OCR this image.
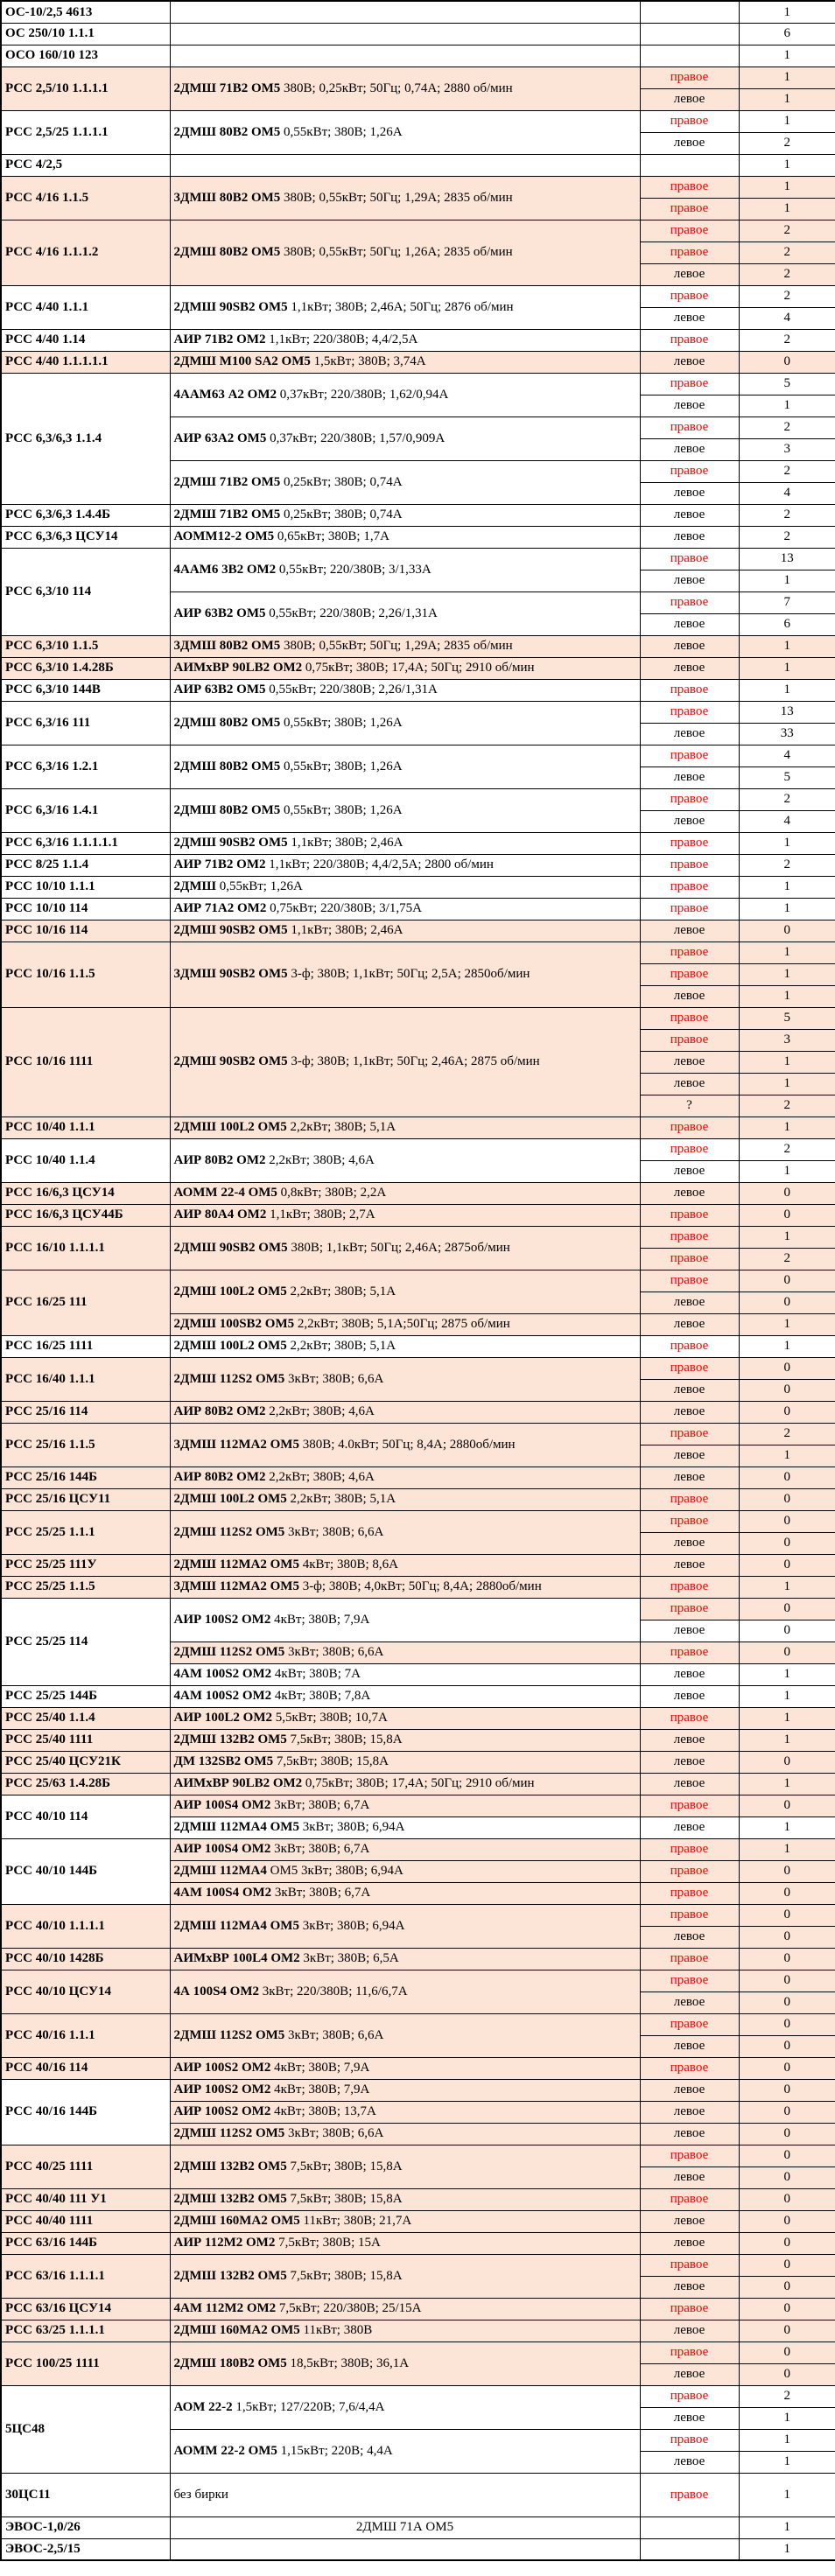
ОС-10/2,5 4613			1
ОС 250/10 1.1.1			6
ОСО 160/10 123			1
РСС 2,5/10 1.1.1.1	2ДМШ 71В2 ОМ5 380В; 0,25кВт; 50Гц; 0,74А; 2880 об/мин	правое	1
		левое	1
РСС 2,5/25 1.1.1.1	2ДМШ 80В2 ОМ5 0,55кВт; 380В; 1,26А	правое	1
		левое	2
РСС 4/2,5			1
РСС 4/16 1.1.5	3ДМШ 80В2 ОМ5 380В; 0,55кВт; 50Гц; 1,29А; 2835 об/мин	правое	1
		правое	1
РСС 4/16 1.1.1.2	2ДМШ 80В2 ОМ5 380В; 0,55кВт; 50Гц; 1,26А; 2835 об/мин	правое	2
		правое	2
		левое	2
РСС 4/40 1.1.1	2ДМШ 90SB2 ОМ5 1,1кВт; 380В; 2,46А; 50Гц; 2876 об/мин	правое	2
		левое	4
РСС 4/40 1.14	АИР 71В2 ОМ2 1,1кВт; 220/380В; 4,4/2,5А	правое	2
РСС 4/40 1.1.1.1.1	2ДМШ М100 SA2 ОМ5 1,5кВт; 380В; 3,74А	левое	0
РСС 6,3/6,3 1.1.4	4ААМ63 А2 ОМ2 0,37кВт; 220/380В; 1,62/0,94А	правое	5
		левое	1
	АИР 63А2 ОМ5 0,37кВт; 220/380В; 1,57/0,909А	правое	2
		левое	3
	2ДМШ 71В2 ОМ5 0,25кВт; 380В; 0,74А	правое	2
		левое	4
РСС 6,3/6,3 1.4.4Б	2ДМШ 71В2 ОМ5 0,25кВт; 380В; 0,74А	левое	2
РСС 6,3/6,3 ЦСУ14	АОММ12-2 ОМ5 0,65кВт; 380В; 1,7А	левое	2
РСС 6,3/10 114	4ААМ6 3В2 ОМ2 0,55кВт; 220/380В; 3/1,33А	правое	13
		левое	1
	АИР 63В2 ОМ5 0,55кВт; 220/380В; 2,26/1,31А	правое	7
		левое	6
РСС 6,3/10 1.1.5	3ДМШ 80В2 ОМ5 380В; 0,55кВт; 50Гц; 1,29А; 2835 об/мин	левое	1
РСС 6,3/10 1.4.28Б	АИМхВР 90LB2 ОМ2 0,75кВт; 380В; 17,4А; 50Гц; 2910 об/мин	левое	1
РСС 6,3/10 144В	АИР 63В2 ОМ5 0,55кВт; 220/380В; 2,26/1,31А	правое	1
РСС 6,3/16 111	2ДМШ 80В2 ОМ5 0,55кВт; 380В; 1,26А	правое	13
		левое	33
РСС 6,3/16 1.2.1	2ДМШ 80В2 ОМ5 0,55кВт; 380В; 1,26А	правое	4
		левое	5
РСС 6,3/16 1.4.1	2ДМШ 80В2 ОМ5 0,55кВт; 380В; 1,26А	правое	2
		левое	4
РСС 6,3/16 1.1.1.1.1	2ДМШ 90SB2 ОМ5 1,1кВт; 380В; 2,46А	правое	1
РСС 8/25 1.1.4	АИР 71В2 ОМ2 1,1кВт; 220/380В; 4,4/2,5А; 2800 об/мин	правое	2
РСС 10/10 1.1.1	2ДМШ 0,55кВт; 1,26А	правое	1
РСС 10/10 114	АИР 71А2 ОМ2 0,75кВт; 220/380В; 3/1,75А	правое	1
РСС 10/16 114	2ДМШ 90SB2 ОМ5 1,1кВт; 380В; 2,46А	левое	0
РСС 10/16 1.1.5	3ДМШ 90SB2 ОМ5 3-ф; 380В; 1,1кВт; 50Гц; 2,5А; 2850об/мин	правое	1
		правое	1
		левое	1
РСС 10/16 1111	2ДМШ 90SB2 ОМ5 3-ф; 380В; 1,1кВт; 50Гц; 2,46А; 2875 об/мин	правое	5
		правое	3
		левое	1
		левое	1
		?	2
РСС 10/40 1.1.1	2ДМШ 100L2 ОМ5 2,2кВт; 380В; 5,1А	правое	1
РСС 10/40 1.1.4	АИР 80В2 ОМ2 2,2кВт; 380В; 4,6А	правое	2
		левое	1
РСС 16/6,3 ЦСУ14	АОММ 22-4 ОМ5 0,8кВт; 380В; 2,2А	левое	0
РСС 16/6,3 ЦСУ44Б	АИР 80А4 ОМ2 1,1кВт; 380В; 2,7А	правое	0
РСС 16/10 1.1.1.1	2ДМШ 90SB2 ОМ5 380В; 1,1кВт; 50Гц; 2,46А; 2875об/мин	правое	1
		правое	2
РСС 16/25 111	2ДМШ 100L2 ОМ5 2,2кВт; 380В; 5,1А	правое	0
		левое	0
	2ДМШ 100SB2 ОМ5 2,2кВт; 380В; 5,1А;50Гц; 2875 об/мин	левое	1
РСС 16/25 1111	2ДМШ 100L2 ОМ5 2,2кВт; 380В; 5,1А	правое	1
РСС 16/40 1.1.1	2ДМШ 112S2 ОМ5 3кВт; 380В; 6,6А	правое	0
		левое	0
РСС 25/16 114	АИР 80В2 ОМ2 2,2кВт; 380В; 4,6А	левое	0
РСС 25/16 1.1.5	3ДМШ 112МА2 ОМ5 380В; 4.0кВт; 50Гц; 8,4А; 2880об/мин	правое	2
		левое	1
РСС 25/16 144Б	АИР 80В2 ОМ2 2,2кВт; 380В; 4,6А	левое	0
РСС 25/16 ЦСУ11	2ДМШ 100L2 ОМ5 2,2кВт; 380В; 5,1А	правое	0
РСС 25/25 1.1.1	2ДМШ 112S2 ОМ5 3кВт; 380В; 6,6А	правое	0
		левое	0
РСС 25/25 111У	2ДМШ 112МА2 ОМ5 4кВт; 380В; 8,6А	левое	0
РСС 25/25 1.1.5	3ДМШ 112МА2 ОМ5 3-ф; 380В; 4,0кВт; 50Гц; 8,4А; 2880об/мин	правое	1
РСС 25/25 114	АИР 100S2 ОМ2 4кВт; 380В; 7,9А	правое	0
		левое	0
	2ДМШ 112S2 ОМ5 3кВт; 380В; 6,6А	правое	0
	4АМ 100S2 ОМ2 4кВт; 380В; 7А	левое	1
РСС 25/25 144Б	4АМ 100S2 ОМ2 4кВт; 380В; 7,8А	левое	1
РСС 25/40 1.1.4	АИР 100L2 ОМ2 5,5кВт; 380В; 10,7А	правое	1
РСС 25/40 1111	2ДМШ 132В2 ОМ5 7,5кВт; 380В; 15,8А	левое	1
РСС 25/40 ЦСУ21К	ДМ 132SB2 ОМ5 7,5кВт; 380В; 15,8А	левое	0
РСС 25/63 1.4.28Б	АИМхВР 90LB2 ОМ2 0,75кВт; 380В; 17,4А; 50Гц; 2910 об/мин	левое	1
РСС 40/10 114	АИР 100S4 ОМ2 3кВт; 380В; 6,7А	правое	0
	2ДМШ 112МА4 ОМ5 3кВт; 380В; 6,94А	левое	1
РСС 40/10 144Б	АИР 100S4 ОМ2 3кВт; 380В; 6,7А	правое	1
	2ДМШ 112МА4 ОМ5 3кВт; 380В; 6,94А	правое	0
	4АМ 100S4 ОМ2 3кВт; 380В; 6,7А	правое	0
РСС 40/10 1.1.1.1	2ДМШ 112МА4 ОМ5 3кВт; 380В; 6,94А	правое	0
		левое	0
РСС 40/10 1428Б	АИМхВР 100L4 ОМ2 3кВт; 380В; 6,5А	правое	0
РСС 40/10 ЦСУ14	4А 100S4 ОМ2 3кВт; 220/380В; 11,6/6,7А	правое	0
		левое	0
РСС 40/16 1.1.1	2ДМШ 112S2 ОМ5 3кВт; 380В; 6,6А	правое	0
		левое	0
РСС 40/16 114	АИР 100S2 ОМ2 4кВт; 380В; 7,9А	правое	0
РСС 40/16 144Б	АИР 100S2 ОМ2 4кВт; 380В; 7,9А	левое	0
	АИР 100S2 ОМ2 4кВт; 380В; 13,7А	левое	0
	2ДМШ 112S2 ОМ5 3кВт; 380В; 6,6А	левое	0
РСС 40/25 1111	2ДМШ 132В2 ОМ5 7,5кВт; 380В; 15,8А	правое	0
		левое	0
РСС 40/40 111 У1	2ДМШ 132В2 ОМ5 7,5кВт; 380В; 15,8А	правое	0
РСС 40/40 1111	2ДМШ 160МА2 ОМ5 11кВт; 380В; 21,7А	левое	0
РСС 63/16 144Б	АИР 112М2 ОМ2 7,5кВт; 380В; 15А	левое	0
РСС 63/16 1.1.1.1	2ДМШ 132В2 ОМ5 7,5кВт; 380В; 15,8А	правое	0
		левое	0
РСС 63/16 ЦСУ14	4АМ 112М2 ОМ2 7,5кВт; 220/380В; 25/15А	правое	0
РСС 63/25 1.1.1.1	2ДМШ 160МА2 ОМ5 11кВт; 380В	левое	0
РСС 100/25 1111	2ДМШ 180В2 ОМ5 18,5кВт; 380В; 36,1А	правое	0
		левое	0
5ЦС48	АОМ 22-2 1,5кВт; 127/220В; 7,6/4,4А	правое	2
		левое	1
	АОММ 22-2 ОМ5 1,15кВт; 220В; 4,4А	правое	1
		левое	1
30ЦС11	без бирки	правое	1
ЭВОС-1,0/26	2ДМШ 71А ОМ5		1
ЭВОС-2,5/15			1
